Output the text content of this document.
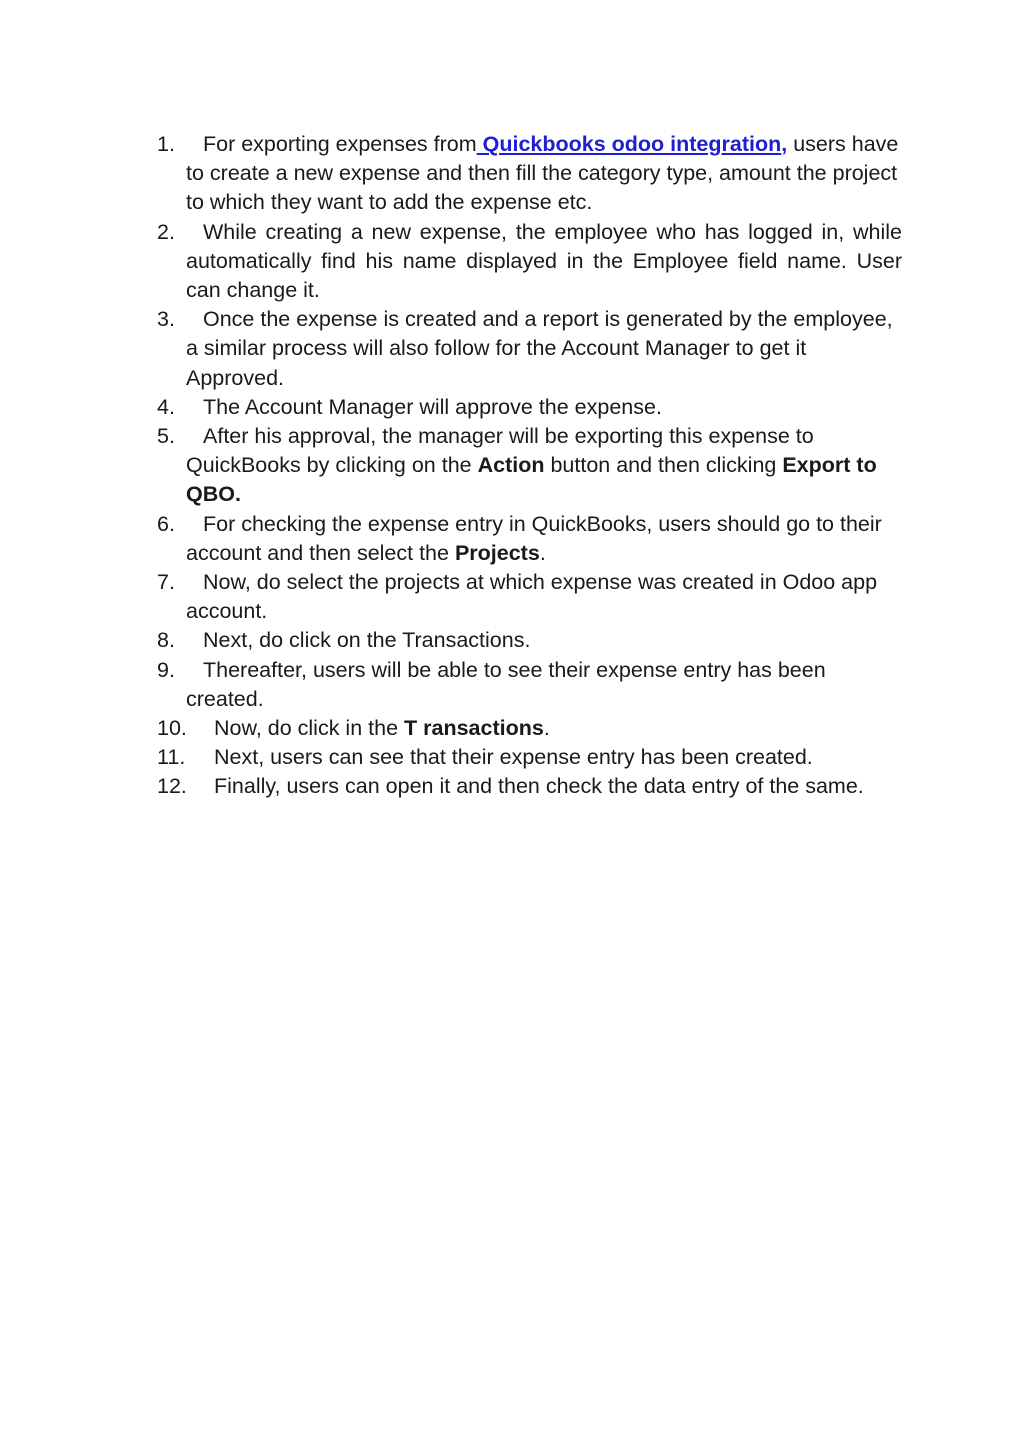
1. For exporting expenses from Quickbooks odoo integration, users have to create a new expense and then fill the category type, amount the project to which they want to add the expense etc.
2. While creating a new expense, the employee who has logged in, while automatically find his name displayed in the Employee field name. User can change it.
3. Once the expense is created and a report is generated by the employee, a similar process will also follow for the Account Manager to get it Approved.
4. The Account Manager will approve the expense.
5. After his approval, the manager will be exporting this expense to QuickBooks by clicking on the Action button and then clicking Export to QBO.
6. For checking the expense entry in QuickBooks, users should go to their account and then select the Projects.
7. Now, do select the projects at which expense was created in Odoo app account.
8. Next, do click on the Transactions.
9. Thereafter, users will be able to see their expense entry has been created.
10. Now, do click in the T ransactions.
11. Next, users can see that their expense entry has been created.
12. Finally, users can open it and then check the data entry of the same.
